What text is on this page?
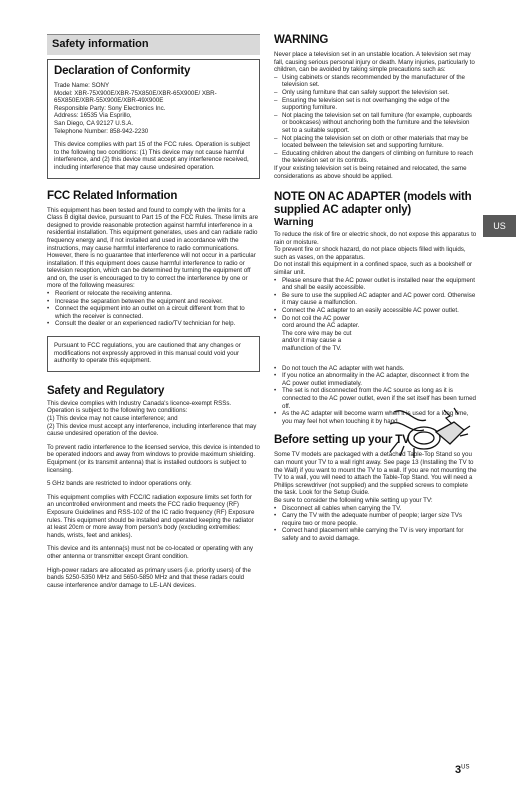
Safety information
Declaration of Conformity

Trade Name: SONY

Model: XBR-75X900E/XBR-75X850E/XBR-65X900E/ XBR-65X850E/XBR-55X900E/XBR-49X900E

Responsible Party: Sony Electronics Inc.

Address: 16535 Via Esprillo,

San Diego, CA 92127 U.S.A.

Telephone Number: 858-942-2230

This device complies with part 15 of the FCC rules. Operation is subject to the following two conditions: (1) This device may not cause harmful interference, and (2) this device must accept any interference received, including interference that may cause undesired operation.

FCC Related Information

This equipment has been tested and found to comply with the limits for a Class B digital device, pursuant to Part 15 of the FCC Rules. These limits are designed to provide reasonable protection against harmful interference in a residential installation. This equipment generates, uses and can radiate radio frequency energy and, if not installed and used in accordance with the instructions, may cause harmful interference to radio communications. However, there is no guarantee that interference will not occur in a particular installation. If this equipment does cause harmful interference to radio or television reception, which can be determined by turning the equipment off and on, the user is encouraged to try to correct the interference by one or more of the following measures:

• Reorient or relocate the receiving antenna.
• Increase the separation between the equipment and receiver.
• Connect the equipment into an outlet on a circuit different from that to which the receiver is connected.
• Consult the dealer or an experienced radio/TV technician for help.

Pursuant to FCC regulations, you are cautioned that any changes or modifications not expressly approved in this manual could void your authority to operate this equipment.

Safety and Regulatory

This device complies with Industry Canada's licence-exempt RSSs. Operation is subject to the following two conditions:

(1) This device may not cause interference; and

(2) This device must accept any interference, including interference that may cause undesired operation of the device.

To prevent radio interference to the licensed service, this device is intended to be operated indoors and away from windows to provide maximum shielding. Equipment (or its transmit antenna) that is installed outdoors is subject to licensing.

5 GHz bands are restricted to indoor operations only.

This equipment complies with FCC/IC radiation exposure limits set forth for an uncontrolled environment and meets the FCC radio frequency (RF) Exposure Guidelines and RSS-102 of the IC radio frequency (RF) Exposure rules. This equipment should be installed and operated keeping the radiator at least 20cm or more away from person's body (excluding extremities: hands, wrists, feet and ankles).

This device and its antenna(s) must not be co-located or operating with any other antenna or transmitter except Grant condition.

High-power radars are allocated as primary users (i.e. priority users) of the bands 5250-5350 MHz and 5650-5850 MHz and that these radars could cause interference and/or damage to LE-LAN devices.

WARNING

Never place a television set in an unstable location. A television set may fall, causing serious personal injury or death. Many injuries, particularly to children, can be avoided by taking simple precautions such as:

– Using cabinets or stands recommended by the manufacturer of the television set.
– Only using furniture that can safely support the television set.
– Ensuring the television set is not overhanging the edge of the supporting furniture.
– Not placing the television set on tall furniture (for example, cupboards or bookcases) without anchoring both the furniture and the television set to a suitable support.
– Not placing the television set on cloth or other materials that may be located between the television set and supporting furniture.
– Educating children about the dangers of climbing on furniture to reach the television set or its controls.

If your existing television set is being retained and relocated, the same considerations as above should be applied.

NOTE ON AC ADAPTER (models with supplied AC adapter only)
Warning

To reduce the risk of fire or electric shock, do not expose this apparatus to rain or moisture.

To prevent fire or shock hazard, do not place objects filled with liquids, such as vases, on the apparatus.

Do not install this equipment in a confined space, such as a bookshelf or similar unit.

• Please ensure that the AC power outlet is installed near the equipment and shall be easily accessible.
• Be sure to use the supplied AC adapter and AC power cord. Otherwise it may cause a malfunction.
• Connect the AC adapter to an easily accessible AC power outlet.
• Do not coil the AC power cord around the AC adapter. The core wire may be cut and/or it may cause a malfunction of the TV.
• Do not touch the AC adapter with wet hands.
• If you notice an abnormality in the AC adapter, disconnect it from the AC power outlet immediately.
• The set is not disconnected from the AC source as long as it is connected to the AC power outlet, even if the set itself has been turned off.
• As the AC adapter will become warm when it is used for a long time, you may feel hot when touching it by hand.
Before setting up your TV

Some TV models are packaged with a detached Table-Top Stand so you can mount your TV to a wall right away. See page 13 (Installing the TV to the Wall) if you want to mount the TV to a wall. If you are not mounting the TV to a wall, you will need to attach the Table-Top Stand. You will need a Phillips screwdriver (not supplied) and the supplied screws to complete the task. Look for the Setup Guide.

Be sure to consider the following while setting up your TV:

• Disconnect all cables when carrying the TV.
• Carry the TV with the adequate number of people; larger size TVs require two or more people.
• Correct hand placement while carrying the TV is very important for safety and to avoid damage.
US
$3^{US}$
